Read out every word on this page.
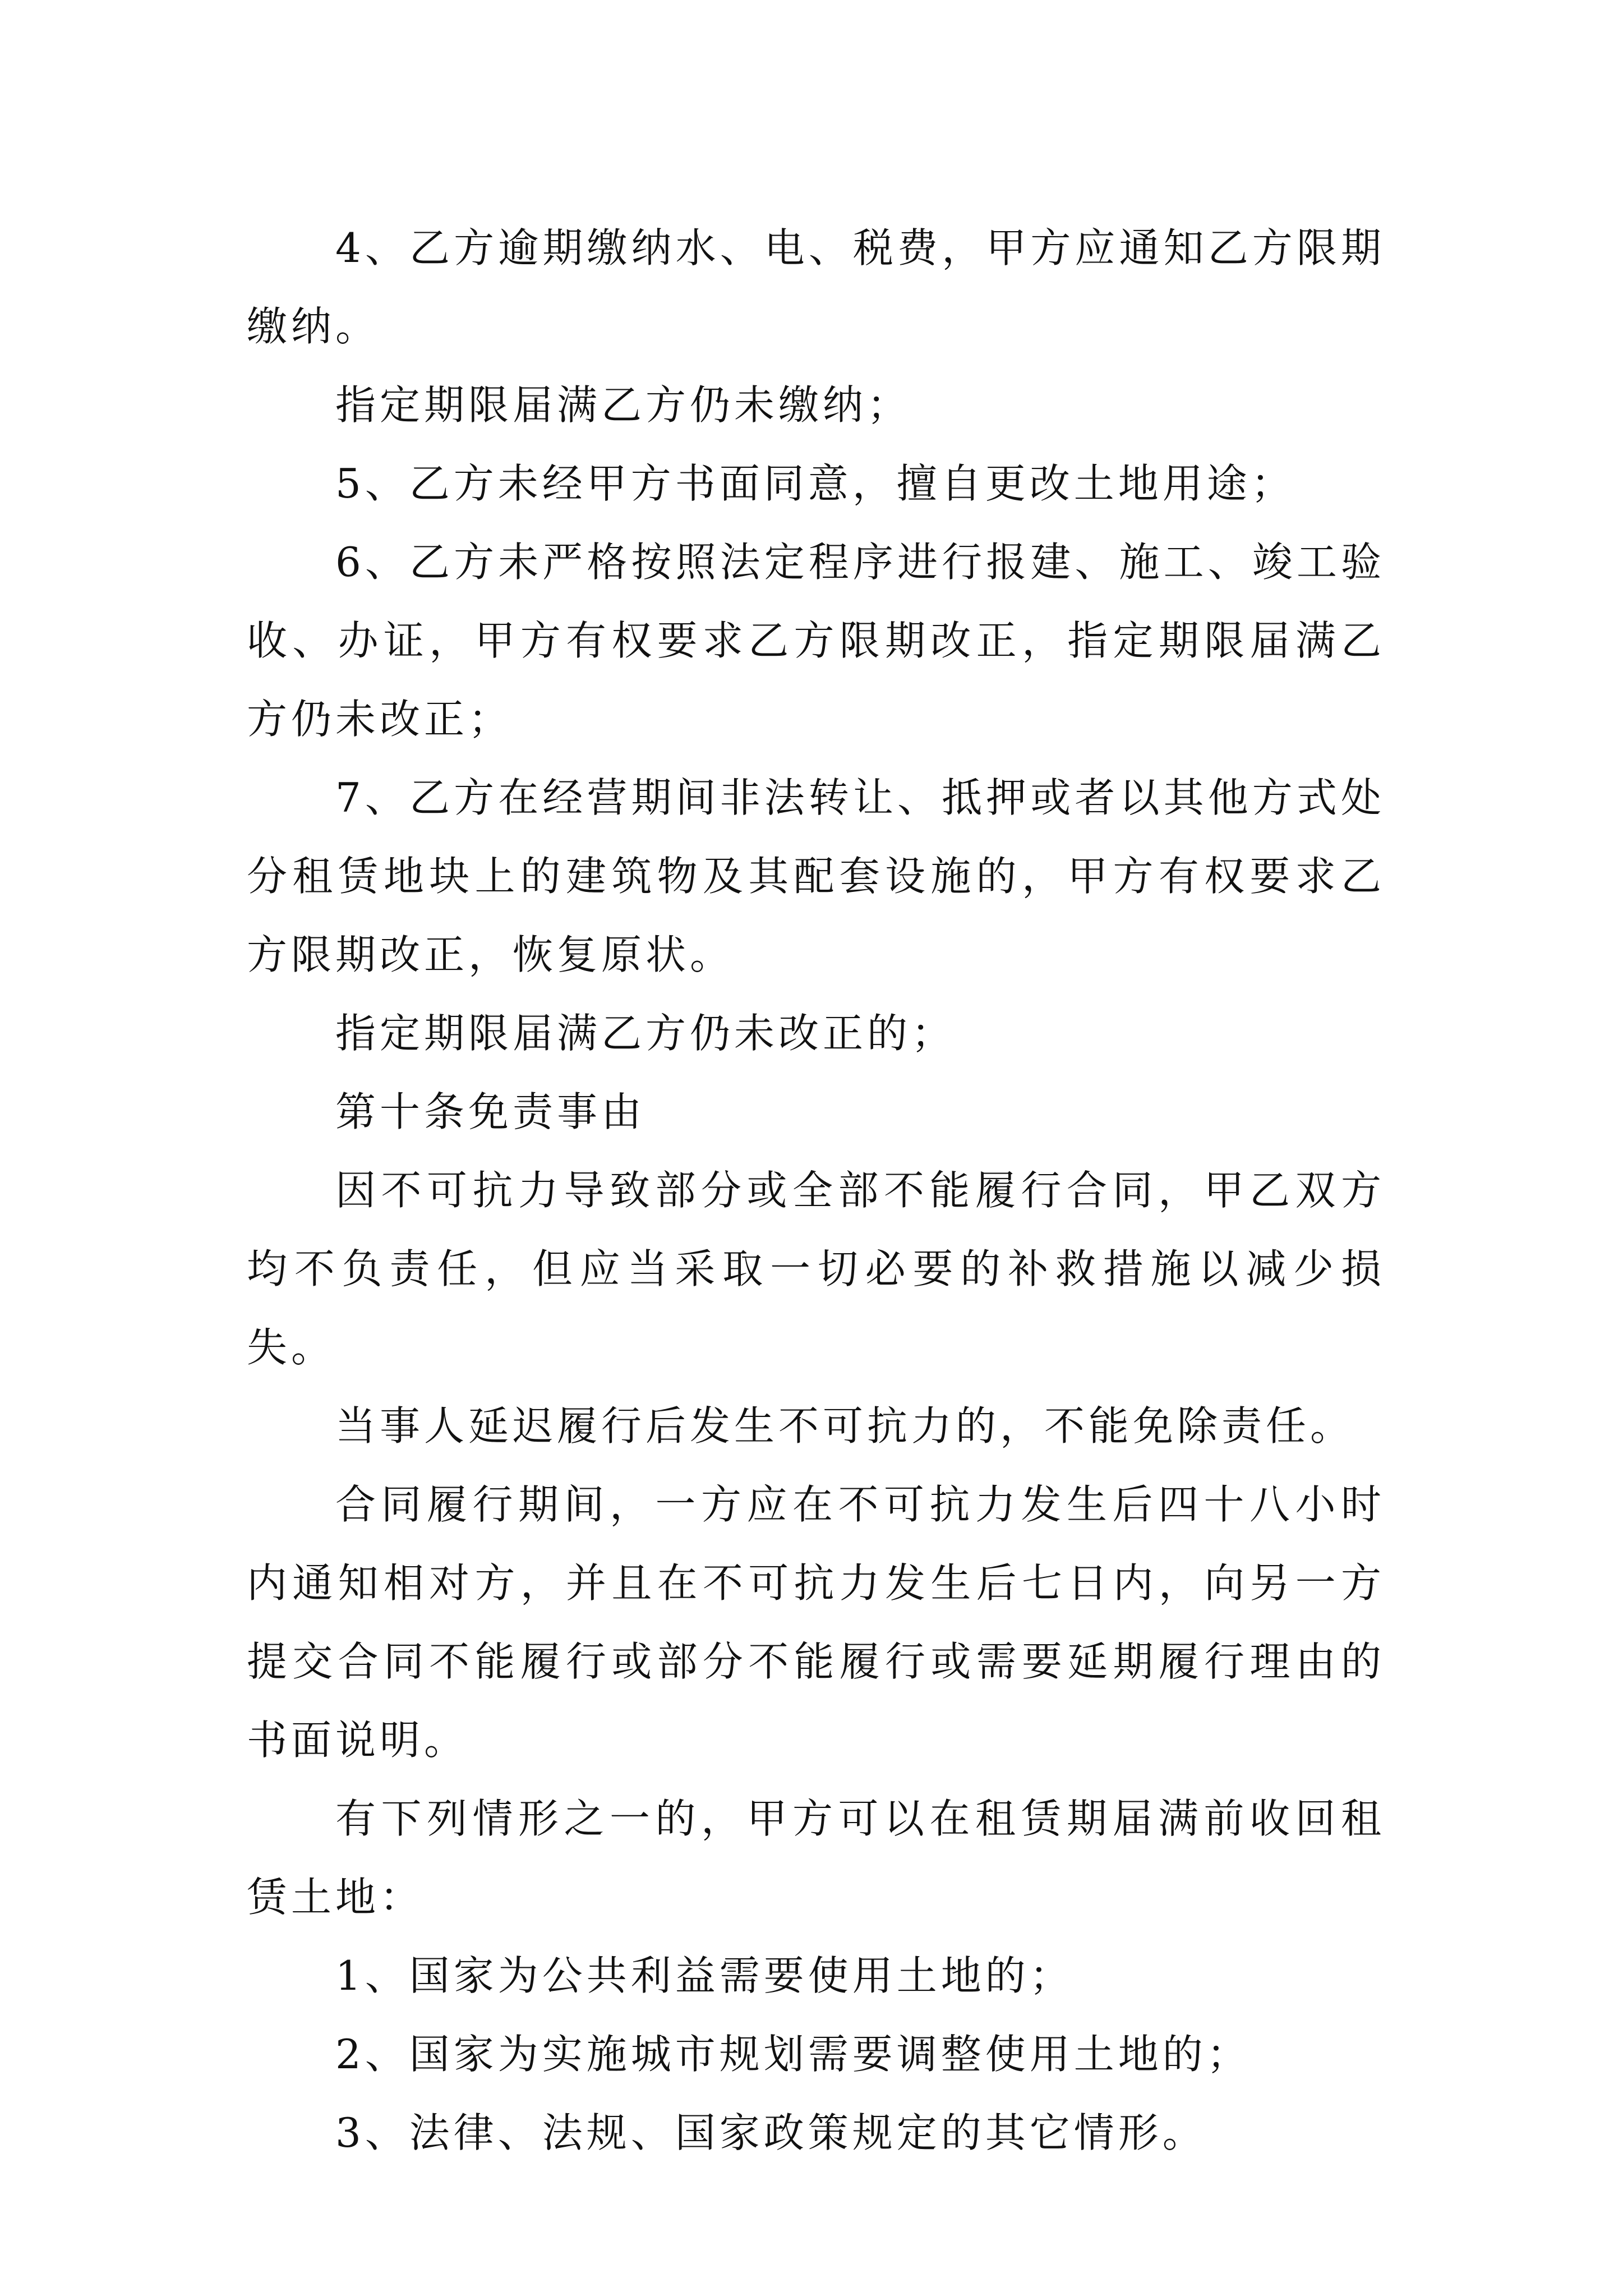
4、乙方逾期缴纳水、电、税费，甲方应通知乙方限期缴纳。

指定期限届满乙方仍未缴纳；

5、乙方未经甲方书面同意，擅自更改土地用途；

6、乙方未严格按照法定程序进行报建、施工、竣工验收、办证，甲方有权要求乙方限期改正，指定期限届满乙方仍未改正；

7、乙方在经营期间非法转让、抵押或者以其他方式处分租赁地块上的建筑物及其配套设施的，甲方有权要求乙方限期改正，恢复原状。

指定期限届满乙方仍未改正的；

第十条免责事由

因不可抗力导致部分或全部不能履行合同，甲乙双方均不负责任，但应当采取一切必要的补救措施以减少损失。

当事人延迟履行后发生不可抗力的，不能免除责任。

合同履行期间，一方应在不可抗力发生后四十八小时内通知相对方，并且在不可抗力发生后七日内，向另一方提交合同不能履行或部分不能履行或需要延期履行理由的书面说明。

有下列情形之一的，甲方可以在租赁期届满前收回租赁土地：

1、国家为公共利益需要使用土地的；

2、国家为实施城市规划需要调整使用土地的；

3、法律、法规、国家政策规定的其它情形。
